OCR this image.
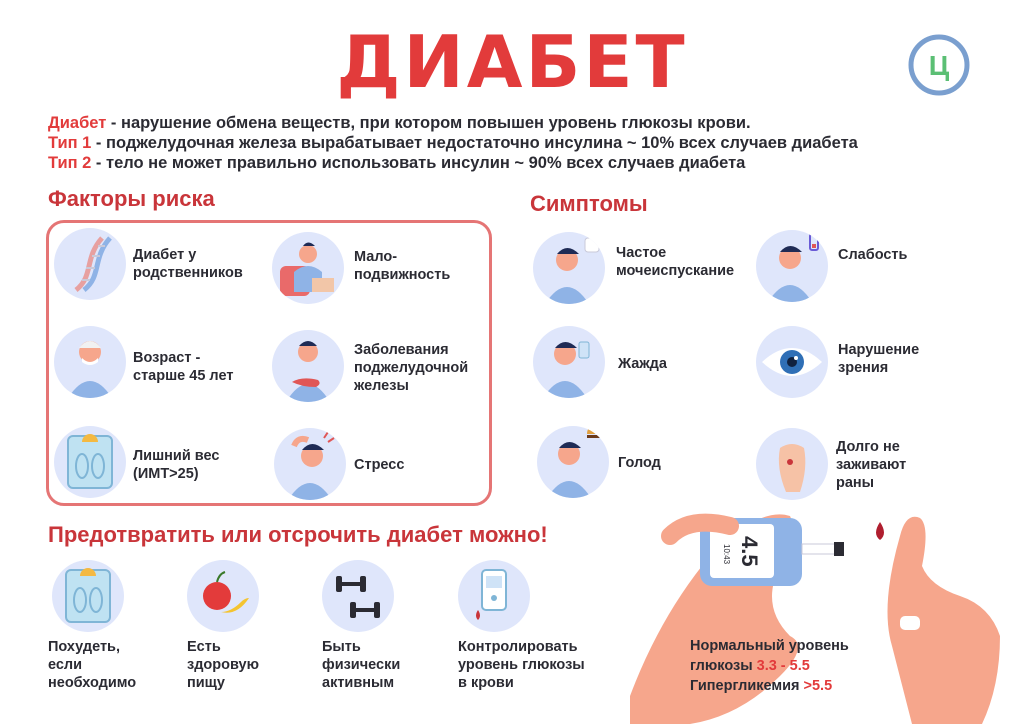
ДИАБЕТ	Ц
Диабет - нарушение обмена веществ, при котором повышен уровень глюкозы крови.
Тип 1 - поджелудочная железа вырабатывает недостаточно инсулина ~ 10% всех случаев диабета
Тип 2 - тело не может правильно использовать инсулин ~ 90% всех случаев диабета
Факторы риска
Диабет у
родственников
Мало-
подвижность
Возраст -
старше 45 лет
Заболевания
поджелудочной
железы
Лишний вес
(ИМТ>25)
Стресс
Симптомы
Частое
мочеиспускание
Слабость
Жажда
Нарушение
зрения
Голод
Долго не
заживают
раны
Предотвратить или отсрочить диабет можно!
Похудеть,
если
необходимо
Есть
здоровую
пищу
Быть
физически
активным
Контролировать
уровень глюкозы
в крови
10:43 4.5
Нормальный уровень
глюкозы 3.3 - 5.5
Гипергликемия >5.5
